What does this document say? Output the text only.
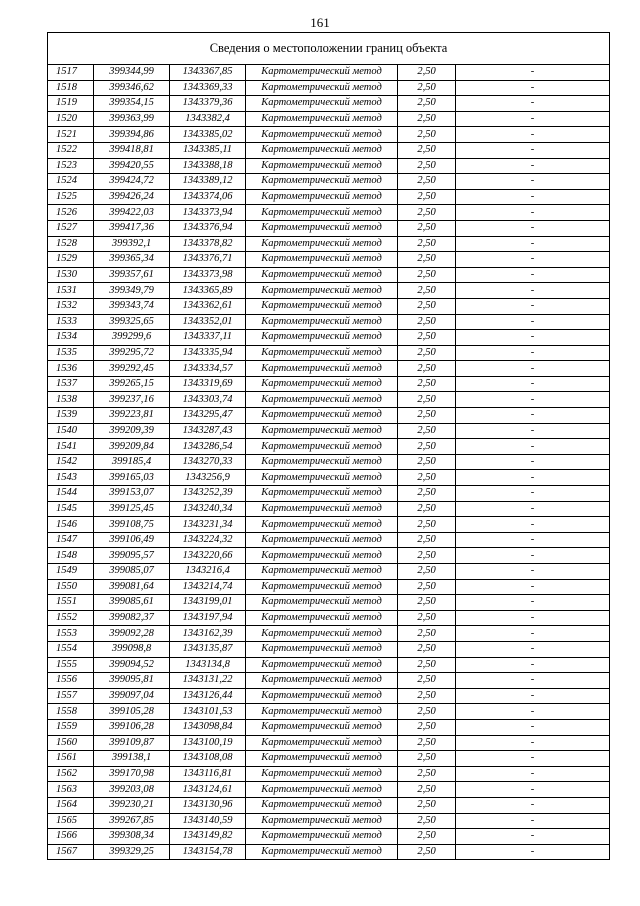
161
Сведения о местоположении границ объекта					
1517	399344,99	1343367,85	Картометрический метод	2,50	-
1518	399346,62	1343369,33	Картометрический метод	2,50	-
1519	399354,15	1343379,36	Картометрический метод	2,50	-
1520	399363,99	1343382,4	Картометрический метод	2,50	-
1521	399394,86	1343385,02	Картометрический метод	2,50	-
1522	399418,81	1343385,11	Картометрический метод	2,50	-
1523	399420,55	1343388,18	Картометрический метод	2,50	-
1524	399424,72	1343389,12	Картометрический метод	2,50	-
1525	399426,24	1343374,06	Картометрический метод	2,50	-
1526	399422,03	1343373,94	Картометрический метод	2,50	-
1527	399417,36	1343376,94	Картометрический метод	2,50	-
1528	399392,1	1343378,82	Картометрический метод	2,50	-
1529	399365,34	1343376,71	Картометрический метод	2,50	-
1530	399357,61	1343373,98	Картометрический метод	2,50	-
1531	399349,79	1343365,89	Картометрический метод	2,50	-
1532	399343,74	1343362,61	Картометрический метод	2,50	-
1533	399325,65	1343352,01	Картометрический метод	2,50	-
1534	399299,6	1343337,11	Картометрический метод	2,50	-
1535	399295,72	1343335,94	Картометрический метод	2,50	-
1536	399292,45	1343334,57	Картометрический метод	2,50	-
1537	399265,15	1343319,69	Картометрический метод	2,50	-
1538	399237,16	1343303,74	Картометрический метод	2,50	-
1539	399223,81	1343295,47	Картометрический метод	2,50	-
1540	399209,39	1343287,43	Картометрический метод	2,50	-
1541	399209,84	1343286,54	Картометрический метод	2,50	-
1542	399185,4	1343270,33	Картометрический метод	2,50	-
1543	399165,03	1343256,9	Картометрический метод	2,50	-
1544	399153,07	1343252,39	Картометрический метод	2,50	-
1545	399125,45	1343240,34	Картометрический метод	2,50	-
1546	399108,75	1343231,34	Картометрический метод	2,50	-
1547	399106,49	1343224,32	Картометрический метод	2,50	-
1548	399095,57	1343220,66	Картометрический метод	2,50	-
1549	399085,07	1343216,4	Картометрический метод	2,50	-
1550	399081,64	1343214,74	Картометрический метод	2,50	-
1551	399085,61	1343199,01	Картометрический метод	2,50	-
1552	399082,37	1343197,94	Картометрический метод	2,50	-
1553	399092,28	1343162,39	Картометрический метод	2,50	-
1554	399098,8	1343135,87	Картометрический метод	2,50	-
1555	399094,52	1343134,8	Картометрический метод	2,50	-
1556	399095,81	1343131,22	Картометрический метод	2,50	-
1557	399097,04	1343126,44	Картометрический метод	2,50	-
1558	399105,28	1343101,53	Картометрический метод	2,50	-
1559	399106,28	1343098,84	Картометрический метод	2,50	-
1560	399109,87	1343100,19	Картометрический метод	2,50	-
1561	399138,1	1343108,08	Картометрический метод	2,50	-
1562	399170,98	1343116,81	Картометрический метод	2,50	-
1563	399203,08	1343124,61	Картометрический метод	2,50	-
1564	399230,21	1343130,96	Картометрический метод	2,50	-
1565	399267,85	1343140,59	Картометрический метод	2,50	-
1566	399308,34	1343149,82	Картометрический метод	2,50	-
1567	399329,25	1343154,78	Картометрический метод	2,50	-
